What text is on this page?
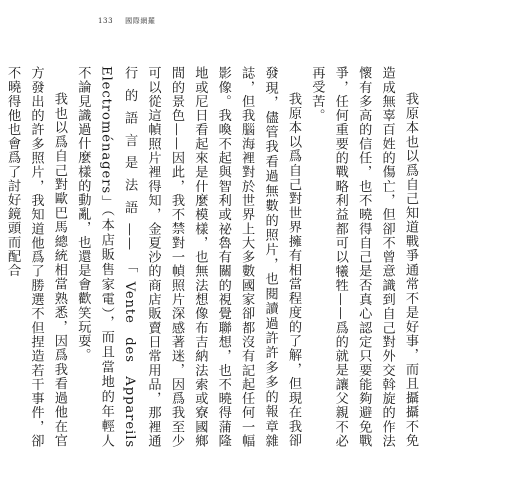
133 國際網羅

我原本也以爲自己知道戰爭通常不是好事，而且攝攝不免造成無辜百姓的傷亡，但卻不曾意識到自己對外交斡旋的作法懷有多高的信任，也不曉得自己是否真心認定只要能夠避免戰爭，任何重要的戰略利益都可以犧牲——爲的就是讓父親不必再受苦。

我原本以爲自己對世界擁有相當程度的了解，但現在我卻發現，儘管我看過無數的照片，也閱讀過許許多多的報章雜誌，但我腦海裡對於世界上大多數國家卻都沒有記起任何一幅影像。我喚不起與智利或祕魯有關的視覺聯想，也不曉得蒲隆地或尼日看起來是什麼模樣，也無法想像布吉納法索或寮國鄉間的景色——因此，我不禁對一幀照片深感著迷，因爲我至少可以從這幀照片裡得知，金夏沙的商店販賣日常用品，那裡通行的語言是法語——「Vente des Appareils Electroménagers」（本店販售家電），而且當地的年輕人不論見識過什麼樣的動亂，也還是會歡笑玩耍。

我也以爲自己對歐巴馬總統相當熟悉，因爲我看過他在官方發出的許多照片，我知道他爲了勝選不但捏造若干事件，卻不曉得他也會爲了討好鏡頭而配合
